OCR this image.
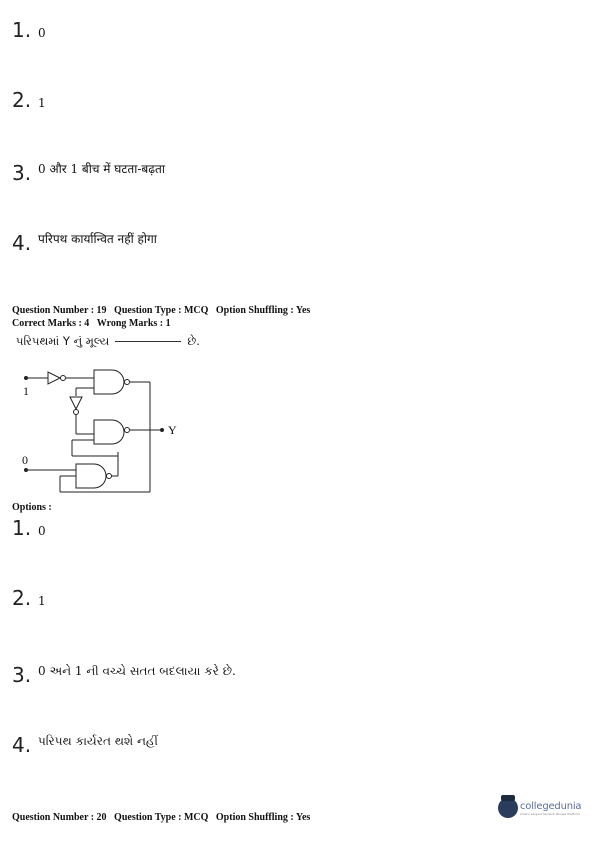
1. 0
2. 1
3. 0 और 1 बीच में घटता-बढ़ता
4. परिपथ कार्यान्वित नहीं होगा
Question Number : 19 Question Type : MCQ Option Shuffling : Yes
Correct Marks : 4 Wrong Marks : 1
પરિપથમાં Y નું મૂલ્ય	છે.
1
0
Y
Options :
1. 0
2. 1
3. 0 અને 1 ની વચ્ચે સતત બદલાયા કરે છે.
4. પરિપથ કાર્યરત થશે નહીં
Question Number : 20 Question Type : MCQ Option Shuffling : Yes
collegedunia
India's Largest Student Review Platform
